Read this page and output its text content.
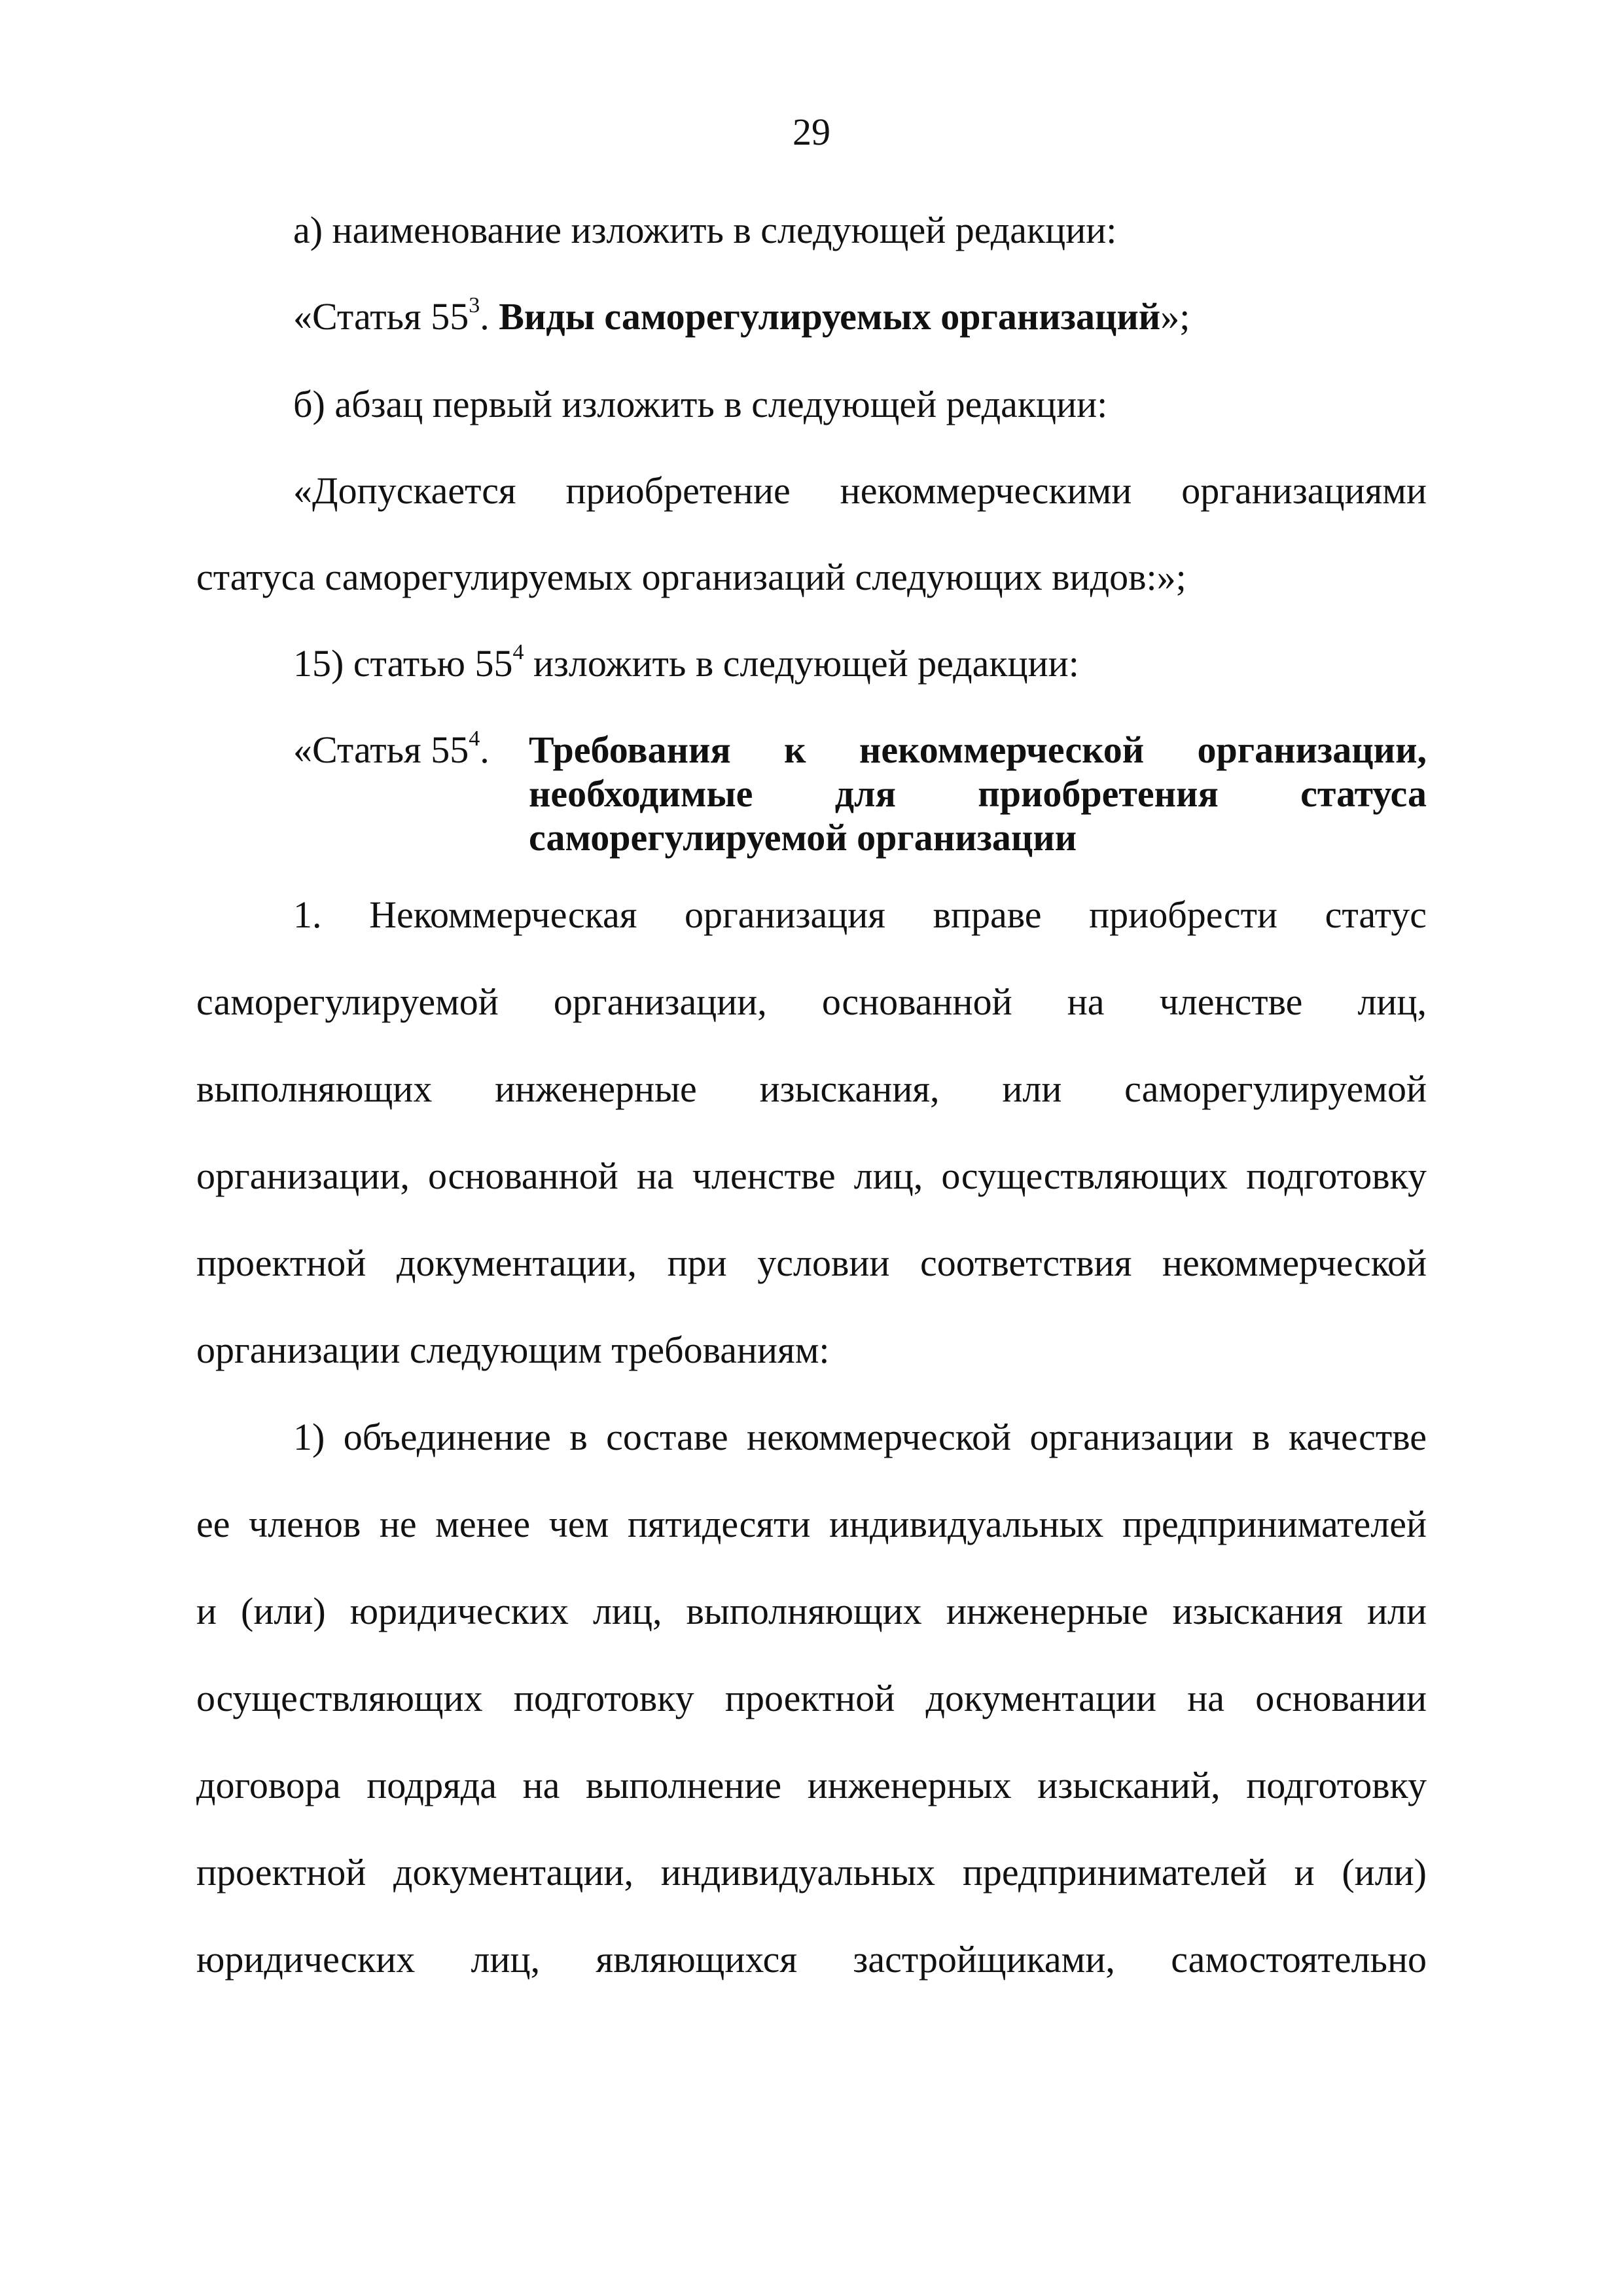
29
а) наименование изложить в следующей редакции:
«Статья $55^3$. Виды саморегулируемых организаций»;
б) абзац первый изложить в следующей редакции:
«Допускается приобретение некоммерческими организациями
статуса саморегулируемых организаций следующих видов:»;
15) статью $55^4$ изложить в следующей редакции:
«Статья $55^4$. Требования к некоммерческой организации,
необходимые для приобретения статуса
саморегулируемой организации
1. Некоммерческая организация вправе приобрести статус
саморегулируемой организации, основанной на членстве лиц,
выполняющих инженерные изыскания, или саморегулируемой
организации, основанной на членстве лиц, осуществляющих подготовку
проектной документации, при условии соответствия некоммерческой
организации следующим требованиям:
1) объединение в составе некоммерческой организации в качестве
ее членов не менее чем пятидесяти индивидуальных предпринимателей
и (или) юридических лиц, выполняющих инженерные изыскания или
осуществляющих подготовку проектной документации на основании
договора подряда на выполнение инженерных изысканий, подготовку
проектной документации, индивидуальных предпринимателей и (или)
юридических лиц, являющихся застройщиками, самостоятельно
